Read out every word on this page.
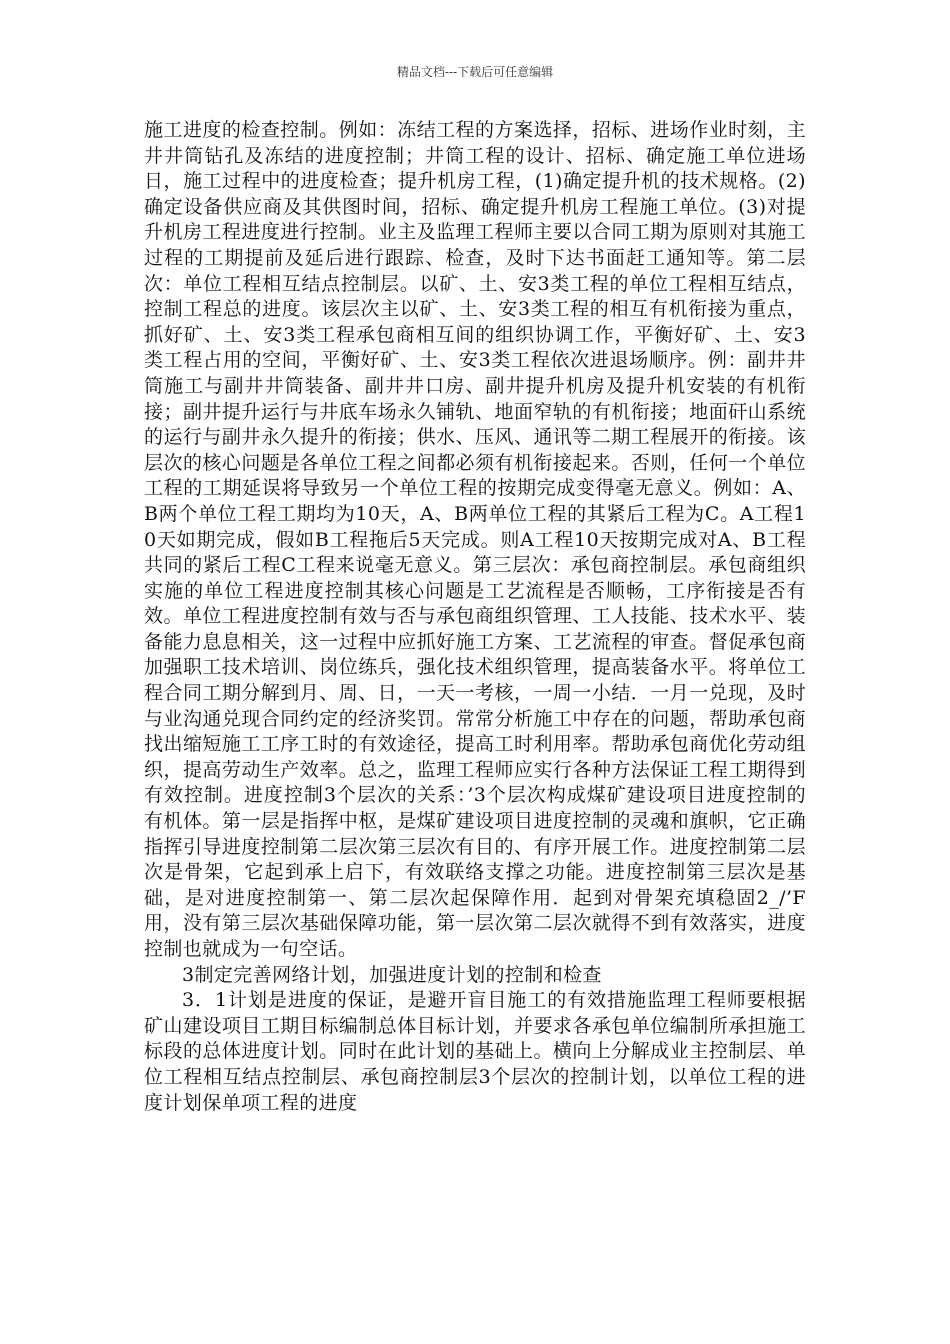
精品文档---下载后可任意编辑

施工进度的检查控制。例如：冻结工程的方案选择，招标、进场作业时刻，主井井筒钻孔及冻结的进度控制；井筒工程的设计、招标、确定施工单位进场日，施工过程中的进度检查；提升机房工程，(1)确定提升机的技术规格。(2)确定设备供应商及其供图时间，招标、确定提升机房工程施工单位。(3)对提升机房工程进度进行控制。业主及监理工程师主要以合同工期为原则对其施工过程的工期提前及延后进行跟踪、检查，及时下达书面赶工通知等。第二层次：单位工程相互结点控制层。以矿、土、安3类工程的单位工程相互结点，控制工程总的进度。该层次主以矿、土、安3类工程的相互有机衔接为重点，抓好矿、土、安3类工程承包商相互间的组织协调工作，平衡好矿、土、安3类工程占用的空间，平衡好矿、土、安3类工程依次进退场顺序。例：副井井筒施工与副井井筒装备、副井井口房、副井提升机房及提升机安装的有机衔接；副井提升运行与井底车场永久铺轨、地面窄轨的有机衔接；地面矸山系统的运行与副井永久提升的衔接；供水、压风、通讯等二期工程展开的衔接。该层次的核心问题是各单位工程之间都必须有机衔接起来。否则，任何一个单位工程的工期延误将导致另一个单位工程的按期完成变得毫无意义。例如：A、B两个单位工程工期均为10天，A、B两单位工程的其紧后工程为C。A工程10天如期完成，假如B工程拖后5天完成。则A工程10天按期完成对A、B工程共同的紧后工程C工程来说毫无意义。第三层次：承包商控制层。承包商组织实施的单位工程进度控制其核心问题是工艺流程是否顺畅，工序衔接是否有效。单位工程进度控制有效与否与承包商组织管理、工人技能、技术水平、装备能力息息相关，这一过程中应抓好施工方案、工艺流程的审查。督促承包商加强职工技术培训、岗位练兵，强化技术组织管理，提高装备水平。将单位工程合同工期分解到月、周、日，一天一考核，一周一小结．一月一兑现，及时与业沟通兑现合同约定的经济奖罚。常常分析施工中存在的问题，帮助承包商找出缩短施工工序工时的有效途径，提高工时利用率。帮助承包商优化劳动组织，提高劳动生产效率。总之，监理工程师应实行各种方法保证工程工期得到有效控制。进度控制3个层次的关系：’3个层次构成煤矿建设项目进度控制的有机体。第一层是指挥中枢，是煤矿建设项目进度控制的灵魂和旗帜，它正确指挥引导进度控制第二层次第三层次有目的、有序开展工作。进度控制第二层次是骨架，它起到承上启下，有效联络支撑之功能。进度控制第三层次是基础，是对进度控制第一、第二层次起保障作用．起到对骨架充填稳固2_/’F用，没有第三层次基础保障功能，第一层次第二层次就得不到有效落实，进度控制也就成为一句空话。

3制定完善网络计划，加强进度计划的控制和检查

3．1计划是进度的保证，是避开盲目施工的有效措施监理工程师要根据矿山建设项目工期目标编制总体目标计划，并要求各承包单位编制所承担施工标段的总体进度计划。同时在此计划的基础上。横向上分解成业主控制层、单位工程相互结点控制层、承包商控制层3个层次的控制计划，以单位工程的进度计划保单项工程的进度
